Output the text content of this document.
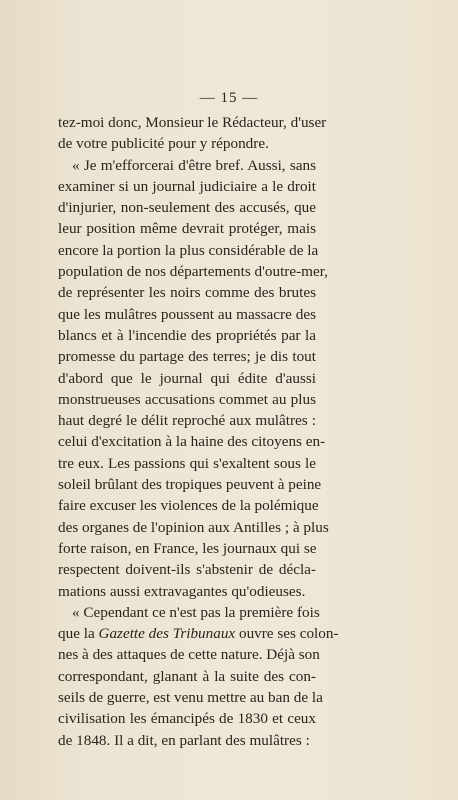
— 15 —
tez-moi donc, Monsieur le Rédacteur, d'user
de votre publicité pour y répondre.
« Je m'efforcerai d'être bref. Aussi, sans
examiner si un journal judiciaire a le droit
d'injurier, non-seulement des accusés, que
leur position même devrait protéger, mais
encore la portion la plus considérable de la
population de nos départements d'outre-mer,
de représenter les noirs comme des brutes
que les mulâtres poussent au massacre des
blancs et à l'incendie des propriétés par la
promesse du partage des terres; je dis tout
d'abord que le journal qui édite d'aussi
monstrueuses accusations commet au plus
haut degré le délit reproché aux mulâtres :
celui d'excitation à la haine des citoyens en-
tre eux. Les passions qui s'exaltent sous le
soleil brûlant des tropiques peuvent à peine
faire excuser les violences de la polémique
des organes de l'opinion aux Antilles ; à plus
forte raison, en France, les journaux qui se
respectent doivent-ils s'abstenir de décla-
mations aussi extravagantes qu'odieuses.
« Cependant ce n'est pas la première fois
que la Gazette des Tribunaux ouvre ses colon-
nes à des attaques de cette nature. Déjà son
correspondant, glanant à la suite des con-
seils de guerre, est venu mettre au ban de la
civilisation les émancipés de 1830 et ceux
de 1848. Il a dit, en parlant des mulâtres :
